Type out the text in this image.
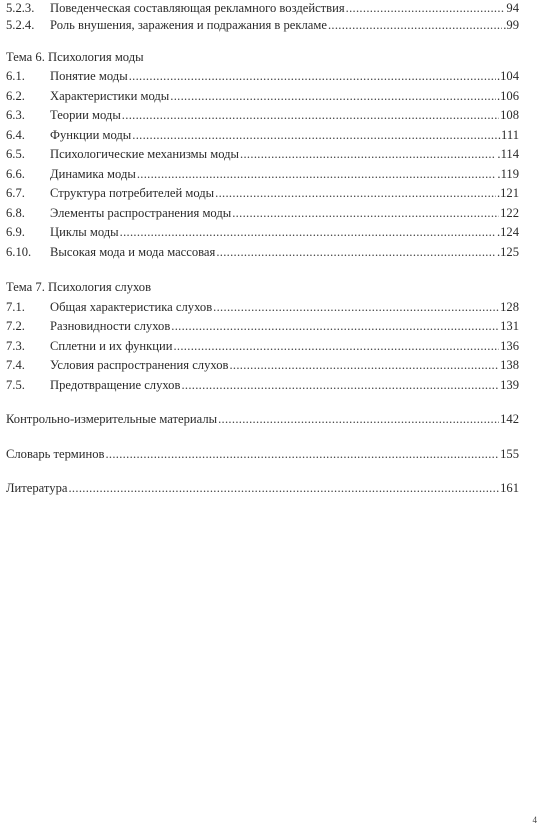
5.2.3.	Поведенческая составляющая рекламного воздействия .....	94
5.2.4.	Роль внушения, заражения и подражания в рекламе .....	.99
Тема 6. Психология моды
6.1.	Понятие моды .....	.104
6.2.	Характеристики моды .....	.106
6.3.	Теории моды .....	108
6.4.	Функции моды .....	.111
6.5.	Психологические механизмы моды .....	.114
6.6.	Динамика моды .....	.119
6.7.	Структура потребителей моды .....	.121
6.8.	Элементы распространения моды .....	122
6.9.	Циклы моды .....	.124
6.10.	Высокая мода и мода массовая .....	.125
Тема 7. Психология слухов
7.1.	Общая характеристика слухов .....	128
7.2.	Разновидности слухов .....	131
7.3.	Сплетни и их функции .....	136
7.4.	Условия распространения слухов .....	138
7.5.	Предотвращение слухов .....	139
Контрольно-измерительные материалы .....	142
Словарь терминов .....	155
Литература .....	161
4
